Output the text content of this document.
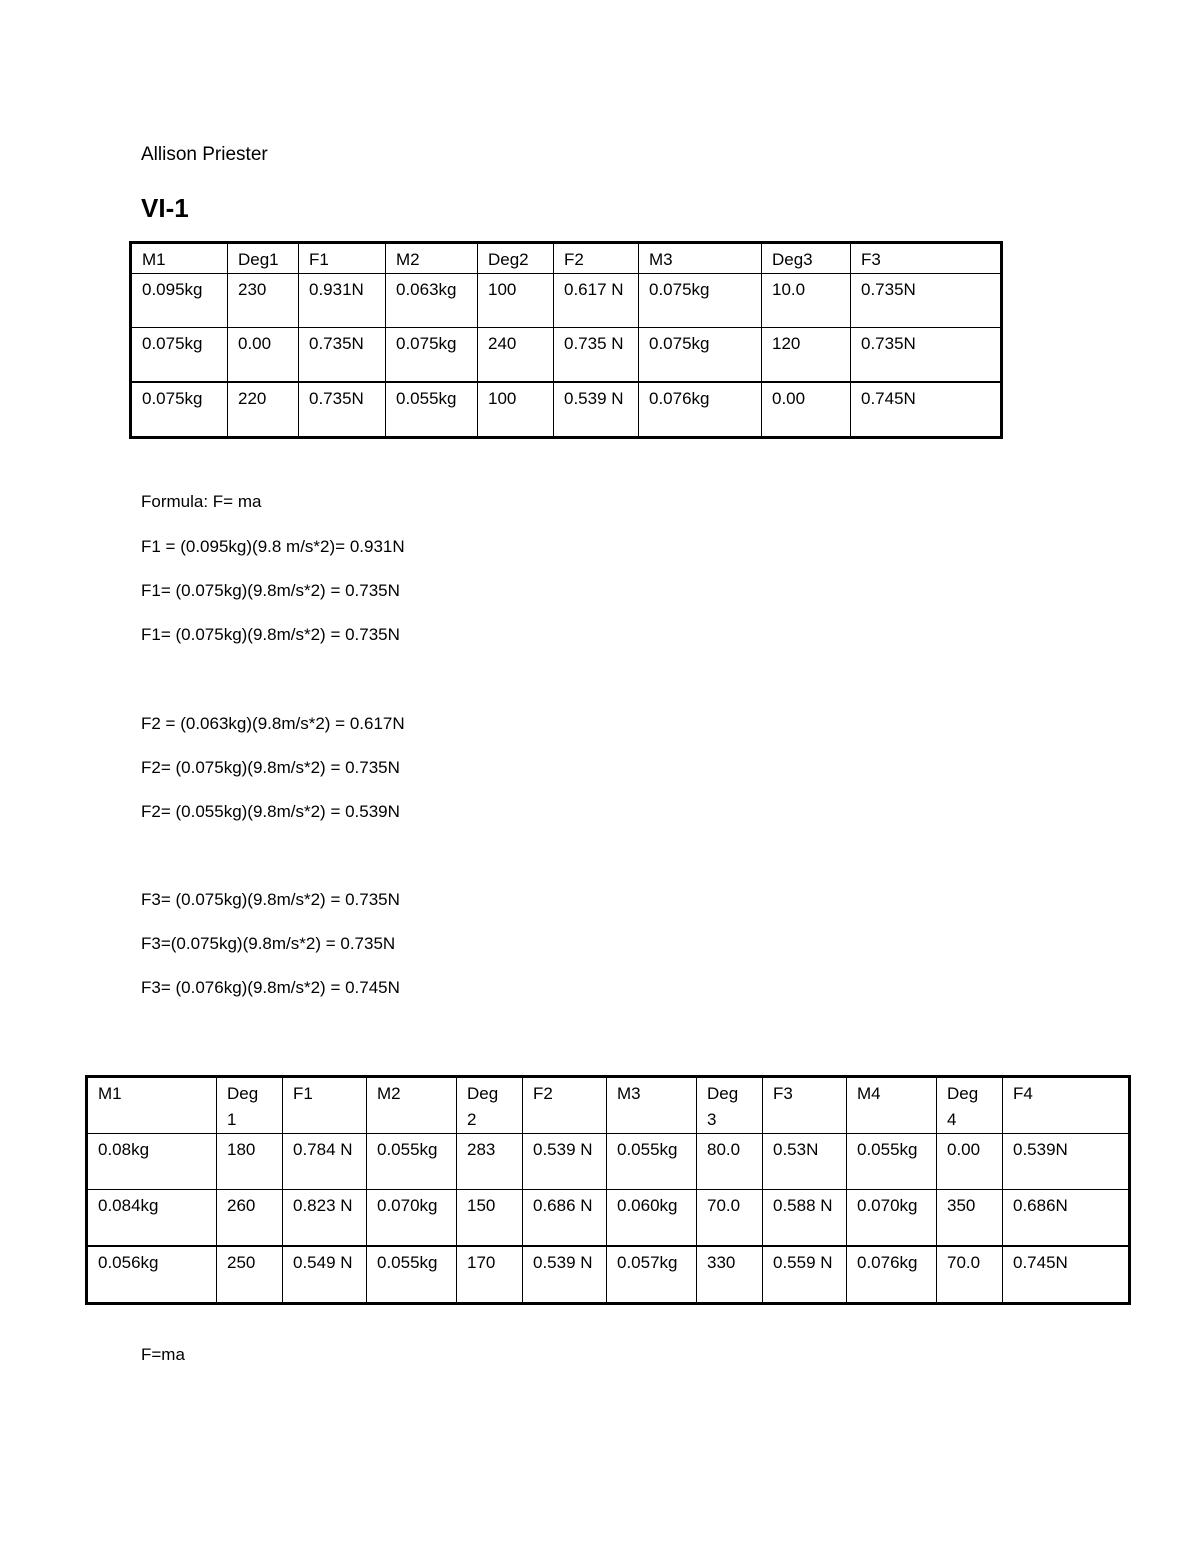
Allison Priester
VI-1
M1	Deg1	F1	M2	Deg2	F2	M3	Deg3	F3
0.095kg	230	0.931N	0.063kg	100	0.617 N	0.075kg	10.0	0.735N
0.075kg	0.00	0.735N	0.075kg	240	0.735 N	0.075kg	120	0.735N
0.075kg	220	0.735N	0.055kg	100	0.539 N	0.076kg	0.00	0.745N
Formula: F= ma
F1 = (0.095kg)(9.8 m/s*2)= 0.931N
F1= (0.075kg)(9.8m/s*2) = 0.735N
F1= (0.075kg)(9.8m/s*2) = 0.735N
F2 = (0.063kg)(9.8m/s*2) = 0.617N
F2= (0.075kg)(9.8m/s*2) = 0.735N
F2= (0.055kg)(9.8m/s*2) = 0.539N
F3= (0.075kg)(9.8m/s*2) = 0.735N
F3=(0.075kg)(9.8m/s*2) = 0.735N
F3= (0.076kg)(9.8m/s*2) = 0.745N
M1	Deg 1	F1	M2	Deg 2	F2	M3	Deg 3	F3	M4	Deg 4	F4
0.08kg	180	0.784 N	0.055kg	283	0.539 N	0.055kg	80.0	0.53N	0.055kg	0.00	0.539N
0.084kg	260	0.823 N	0.070kg	150	0.686 N	0.060kg	70.0	0.588 N	0.070kg	350	0.686N
0.056kg	250	0.549 N	0.055kg	170	0.539 N	0.057kg	330	0.559 N	0.076kg	70.0	0.745N
F=ma
